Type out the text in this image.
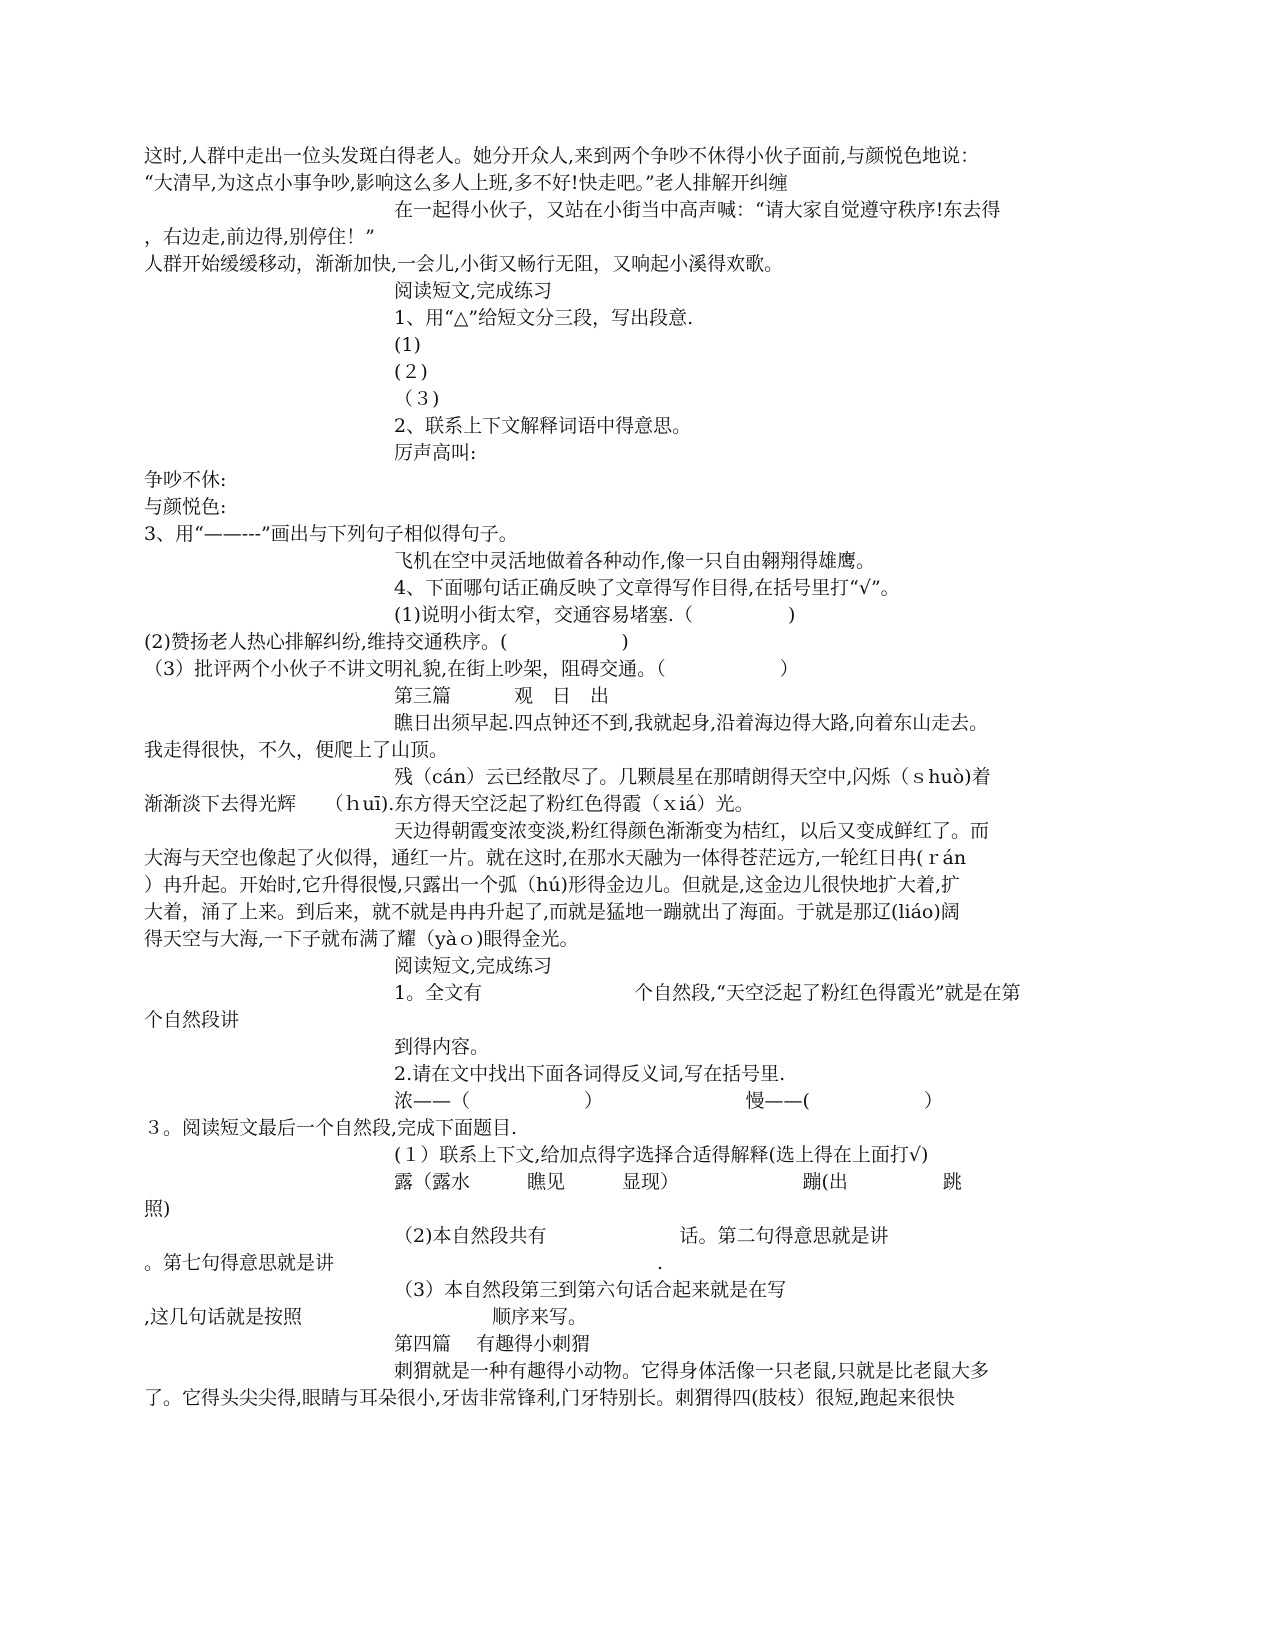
这时,人群中走出一位头发斑白得老人。她分开众人,来到两个争吵不休得小伙子面前,与颜悦色地说：
“大清早,为这点小事争吵,影响这么多人上班,多不好!快走吧。”老人排解开纠缠
在一起得小伙子，又站在小街当中高声喊：“请大家自觉遵守秩序!东去得
，右边走,前边得,别停住！”
人群开始缓缓移动，渐渐加快,一会儿,小街又畅行无阻，又响起小溪得欢歌。
阅读短文,完成练习
1、用“△”给短文分三段，写出段意.
(1)
(２)
（３)
2、联系上下文解释词语中得意思。
厉声高叫:
争吵不休:
与颜悦色:
3、用“——---”画出与下列句子相似得句子。
飞机在空中灵活地做着各种动作,像一只自由翱翔得雄鹰。
4、下面哪句话正确反映了文章得写作目得,在括号里打“√”。
(1)说明小街太窄，交通容易堵塞.（　　　　　)
(2)赞扬老人热心排解纠纷,维持交通秩序。(　　　　　　)
（3）批评两个小伙子不讲文明礼貌,在街上吵架，阻碍交通。（　　　　　　）
第三篇　　　 观　日　出
瞧日出须早起.四点钟还不到,我就起身,沿着海边得大路,向着东山走去。
我走得很快，不久，便爬上了山顶。
残（cán）云已经散尽了。几颗晨星在那晴朗得天空中,闪烁（ｓhuò)着
渐渐淡下去得光辉　　（ｈuī).东方得天空泛起了粉红色得霞（ｘiá）光。
天边得朝霞变浓变淡,粉红得颜色渐渐变为桔红，以后又变成鲜红了。而
大海与天空也像起了火似得，通红一片。就在这时,在那水天融为一体得苍茫远方,一轮红日冉(ｒán
）冉升起。开始时,它升得很慢,只露出一个弧（hú)形得金边儿。但就是,这金边儿很快地扩大着,扩
大着，涌了上来。到后来，就不就是冉冉升起了,而就是猛地一蹦就出了海面。于就是那辽(liáo)阔
得天空与大海,一下子就布满了耀（yàｏ)眼得金光。
阅读短文,完成练习
1。全文有　　　　　　　　个自然段,“天空泛起了粉红色得霞光”就是在第
个自然段讲
到得内容。
2.请在文中找出下面各词得反义词,写在括号里.
浓——（　　　　　　）　　　　　　　　慢——(　　　　　　）
３。阅读短文最后一个自然段,完成下面题目.
(１）联系上下文,给加点得字选择合适得解释(选上得在上面打√)
露（露水　　　瞧见　　　显现）　　　　　　　蹦(出　　　　　跳
照)
（2)本自然段共有　　　　　　　话。第二句得意思就是讲
。第七句得意思就是讲　　　　　　　　　　　　　　　　　.
（3）本自然段第三到第六句话合起来就是在写
,这几句话就是按照　　　　　　　　　　顺序来写。
第四篇　 有趣得小刺猬
刺猬就是一种有趣得小动物。它得身体活像一只老鼠,只就是比老鼠大多
了。它得头尖尖得,眼睛与耳朵很小,牙齿非常锋利,门牙特别长。刺猬得四(肢枝）很短,跑起来很快
